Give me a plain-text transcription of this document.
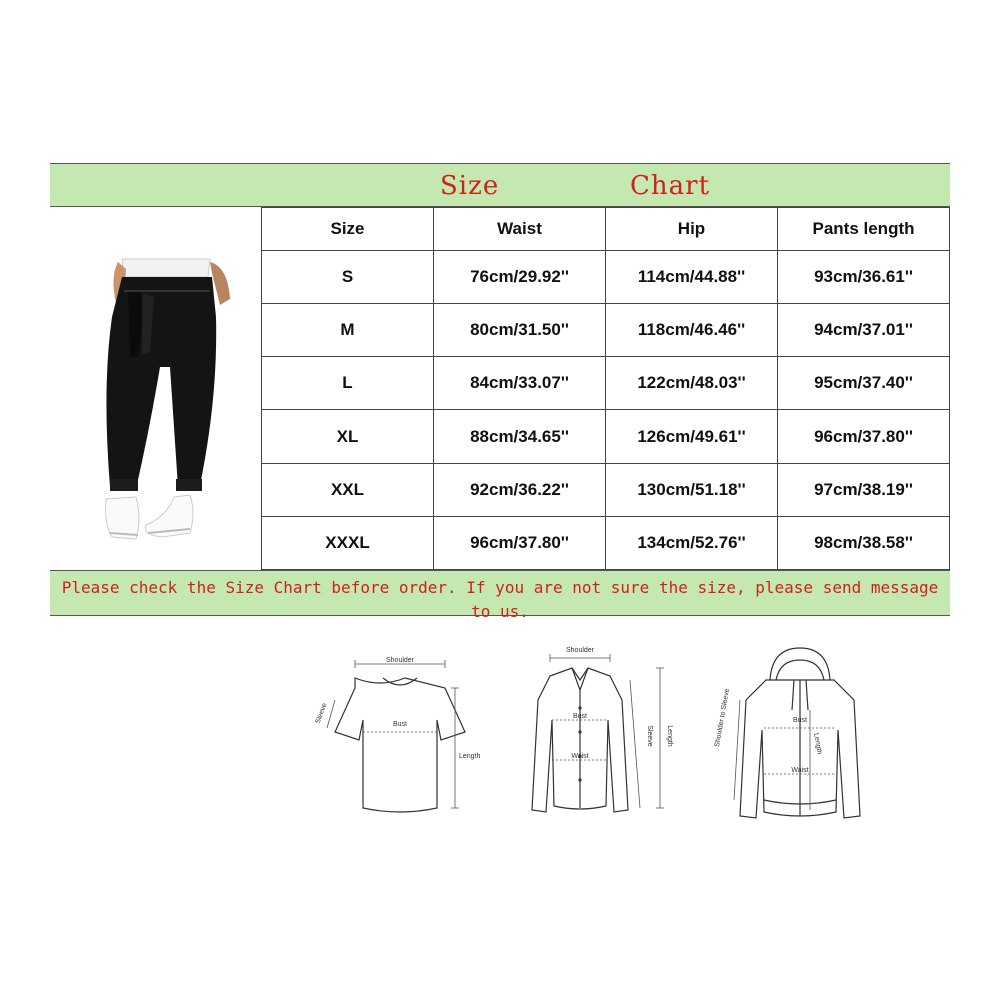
Size	Chart
Size	Waist	Hip	Pants length
S	76cm/29.92''	114cm/44.88''	93cm/36.61''
M	80cm/31.50''	118cm/46.46''	94cm/37.01''
L	84cm/33.07''	122cm/48.03''	95cm/37.40''
XL	88cm/34.65''	126cm/49.61''	96cm/37.80''
XXL	92cm/36.22''	130cm/51.18''	97cm/38.19''
XXXL	96cm/37.80''	134cm/52.76''	98cm/38.58''
Please check the Size Chart before order. If you are not sure the size, please send message to us.
Shoulder
Sleeve	Bust
Length
Shoulder
Bust
Waist
Sleeve Length	Shoulder to Sleeve	Bust
Length
Waist
